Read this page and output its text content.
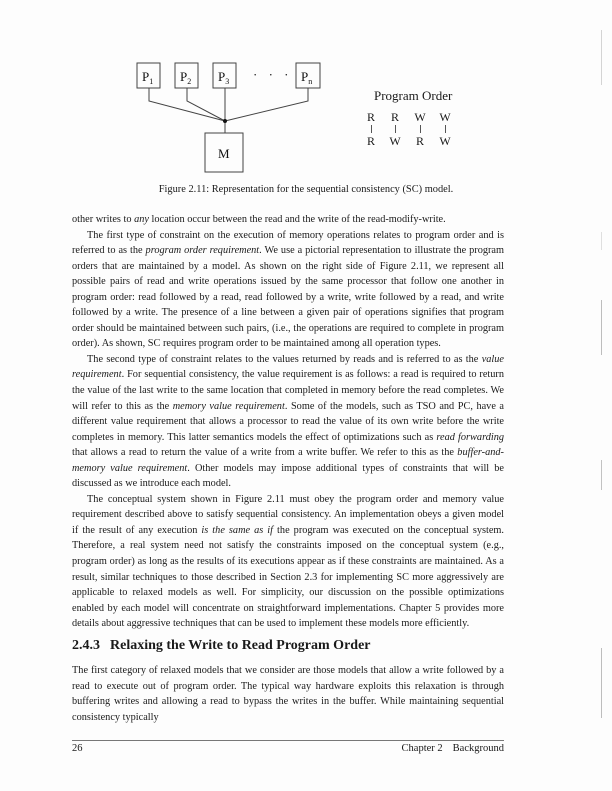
$P_1$ $P_2$ $P_3$	$P_n$
· · ·
M
Program Order
R
R
R
W
W
R
W
W
Figure 2.11: Representation for the sequential consistency (SC) model.

other writes to any location occur between the read and the write of the read-modify-write.

The first type of constraint on the execution of memory operations relates to program order and is referred to as the program order requirement. We use a pictorial representation to illustrate the program orders that are maintained by a model. As shown on the right side of Figure 2.11, we represent all possible pairs of read and write operations issued by the same processor that follow one another in program order: read followed by a read, read followed by a write, write followed by a read, and write followed by a write. The presence of a line between a given pair of operations signifies that program order should be maintained between such pairs, (i.e., the operations are required to complete in program order). As shown, SC requires program order to be maintained among all operation types.

The second type of constraint relates to the values returned by reads and is referred to as the value requirement. For sequential consistency, the value requirement is as follows: a read is required to return the value of the last write to the same location that completed in memory before the read completes. We will refer to this as the memory value requirement. Some of the models, such as TSO and PC, have a different value requirement that allows a processor to read the value of its own write before the write completes in memory. This latter semantics models the effect of optimizations such as read forwarding that allows a read to return the value of a write from a write buffer. We refer to this as the buffer-and-memory value requirement. Other models may impose additional types of constraints that will be discussed as we introduce each model.

The conceptual system shown in Figure 2.11 must obey the program order and memory value requirement described above to satisfy sequential consistency. An implementation obeys a given model if the result of any execution is the same as if the program was executed on the conceptual system. Therefore, a real system need not satisfy the constraints imposed on the conceptual system (e.g., program order) as long as the results of its executions appear as if these constraints are maintained. As a result, similar techniques to those described in Section 2.3 for implementing SC more aggressively are applicable to relaxed models as well. For simplicity, our discussion on the possible optimizations enabled by each model will concentrate on straightforward implementations. Chapter 5 provides more details about aggressive techniques that can be used to implement these models more efficiently.

2.4.3 Relaxing the Write to Read Program Order

The first category of relaxed models that we consider are those models that allow a write followed by a read to execute out of program order. The typical way hardware exploits this relaxation is through buffering writes and allowing a read to bypass the writes in the buffer. While maintaining sequential consistency typically

26	Chapter 2 Background
